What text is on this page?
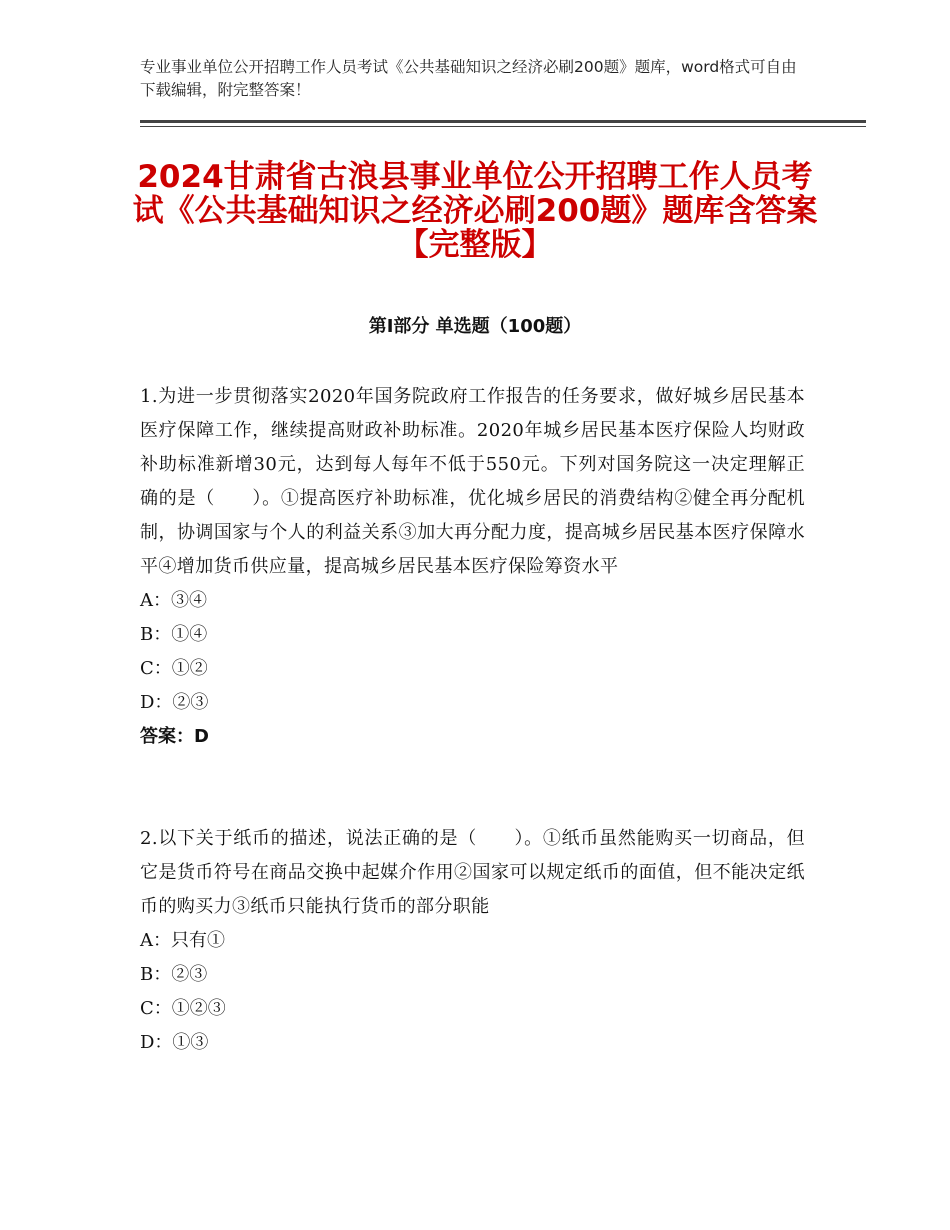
专业事业单位公开招聘工作人员考试《公共基础知识之经济必刷200题》题库，word格式可自由下载编辑，附完整答案！
2024甘肃省古浪县事业单位公开招聘工作人员考试《公共基础知识之经济必刷200题》题库含答案【完整版】
第Ⅰ部分 单选题（100题）
1.为进一步贯彻落实2020年国务院政府工作报告的任务要求，做好城乡居民基本医疗保障工作，继续提高财政补助标准。2020年城乡居民基本医疗保险人均财政补助标准新增30元，达到每人每年不低于550元。下列对国务院这一决定理解正确的是（　　）。①提高医疗补助标准，优化城乡居民的消费结构②健全再分配机制，协调国家与个人的利益关系③加大再分配力度，提高城乡居民基本医疗保障水平④增加货币供应量，提高城乡居民基本医疗保险筹资水平
A：③④
B：①④
C：①②
D：②③
答案：D
2.以下关于纸币的描述，说法正确的是（　　）。①纸币虽然能购买一切商品，但它是货币符号在商品交换中起媒介作用②国家可以规定纸币的面值，但不能决定纸币的购买力③纸币只能执行货币的部分职能
A：只有①
B：②③
C：①②③
D：①③
